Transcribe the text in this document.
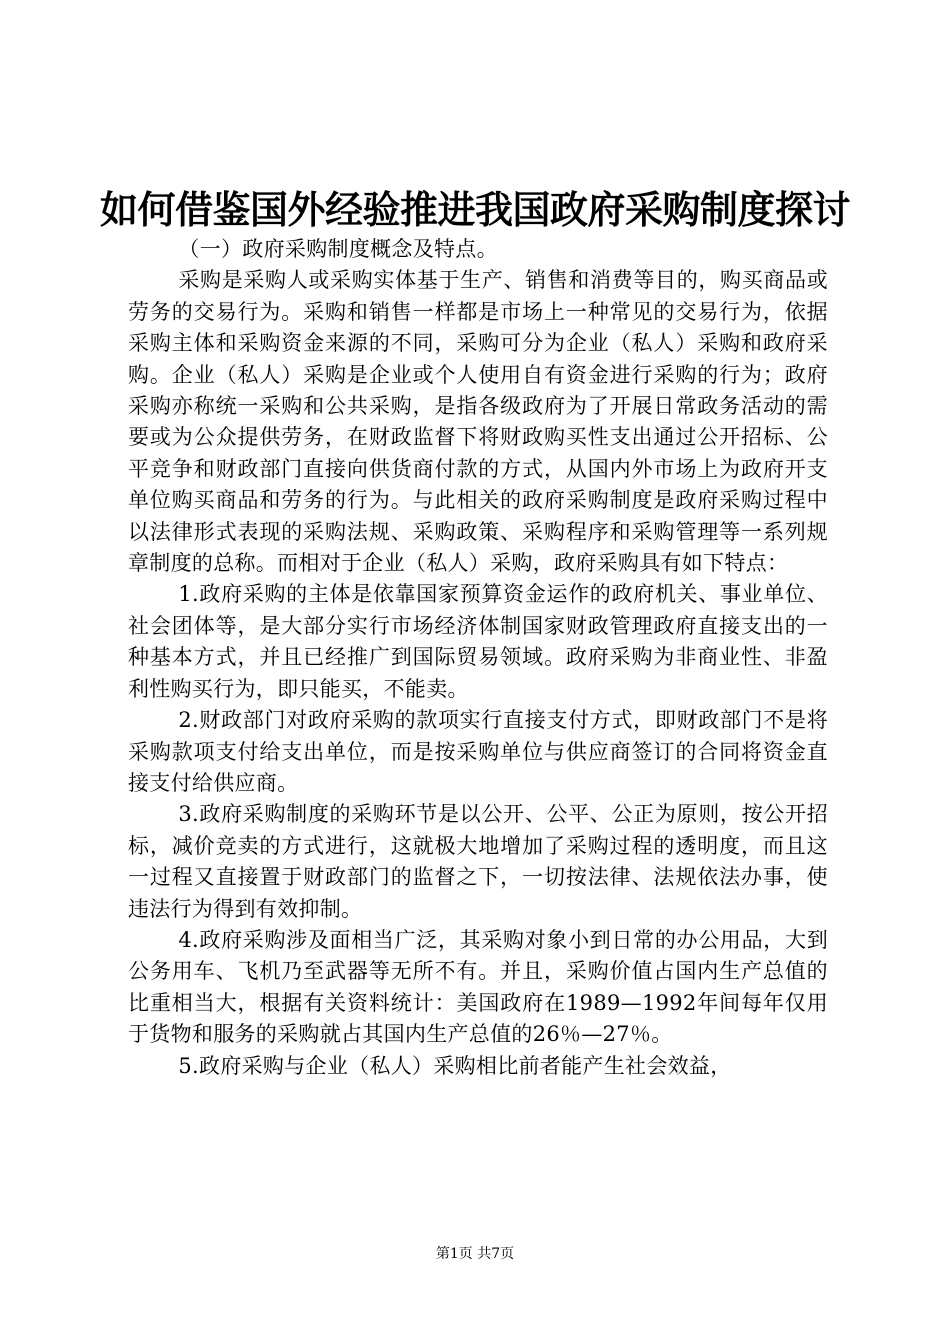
如何借鉴国外经验推进我国政府采购制度探讨

（一）政府采购制度概念及特点。

采购是采购人或采购实体基于生产、销售和消费等目的，购买商品或劳务的交易行为。采购和销售一样都是市场上一种常见的交易行为，依据采购主体和采购资金来源的不同，采购可分为企业（私人）采购和政府采购。企业（私人）采购是企业或个人使用自有资金进行采购的行为；政府采购亦称统一采购和公共采购，是指各级政府为了开展日常政务活动的需要或为公众提供劳务，在财政监督下将财政购买性支出通过公开招标、公平竞争和财政部门直接向供货商付款的方式，从国内外市场上为政府开支单位购买商品和劳务的行为。与此相关的政府采购制度是政府采购过程中以法律形式表现的采购法规、采购政策、采购程序和采购管理等一系列规章制度的总称。而相对于企业（私人）采购，政府采购具有如下特点：

1.政府采购的主体是依靠国家预算资金运作的政府机关、事业单位、社会团体等，是大部分实行市场经济体制国家财政管理政府直接支出的一种基本方式，并且已经推广到国际贸易领域。政府采购为非商业性、非盈利性购买行为，即只能买，不能卖。

2.财政部门对政府采购的款项实行直接支付方式，即财政部门不是将采购款项支付给支出单位，而是按采购单位与供应商签订的合同将资金直接支付给供应商。

3.政府采购制度的采购环节是以公开、公平、公正为原则，按公开招标，减价竞卖的方式进行，这就极大地增加了采购过程的透明度，而且这一过程又直接置于财政部门的监督之下，一切按法律、法规依法办事，使违法行为得到有效抑制。

4.政府采购涉及面相当广泛，其采购对象小到日常的办公用品，大到公务用车、飞机乃至武器等无所不有。并且，采购价值占国内生产总值的比重相当大，根据有关资料统计：美国政府在1989—1992年间每年仅用于货物和服务的采购就占其国内生产总值的26％—27％。

5.政府采购与企业（私人）采购相比前者能产生社会效益，

第1页 共7页
